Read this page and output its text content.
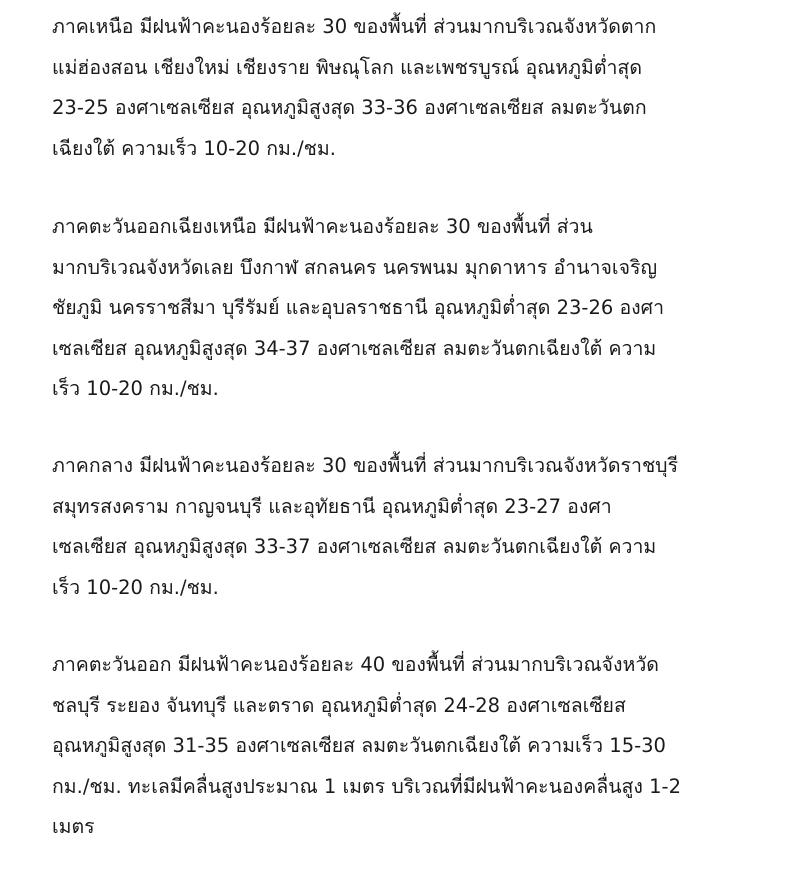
ภาคเหนือ มีฝนฟ้าคะนองร้อยละ 30 ของพื้นที่ ส่วนมากบริเวณจังหวัดตาก
แม่ฮ่องสอน เชียงใหม่ เชียงราย พิษณุโลก และเพชรบูรณ์ อุณหภูมิต่ำสุด
23-25 องศาเซลเซียส อุณหภูมิสูงสุด 33-36 องศาเซลเซียส ลมตะวันตก
เฉียงใต้ ความเร็ว 10-20 กม./ชม.

ภาคตะวันออกเฉียงเหนือ มีฝนฟ้าคะนองร้อยละ 30 ของพื้นที่ ส่วน
มากบริเวณจังหวัดเลย บึงกาฬ สกลนคร นครพนม มุกดาหาร อำนาจเจริญ
ชัยภูมิ นครราชสีมา บุรีรัมย์ และอุบลราชธานี อุณหภูมิต่ำสุด 23-26 องศา
เซลเซียส อุณหภูมิสูงสุด 34-37 องศาเซลเซียส ลมตะวันตกเฉียงใต้ ความ
เร็ว 10-20 กม./ชม.

ภาคกลาง มีฝนฟ้าคะนองร้อยละ 30 ของพื้นที่ ส่วนมากบริเวณจังหวัดราชบุรี
สมุทรสงคราม กาญจนบุรี และอุทัยธานี อุณหภูมิต่ำสุด 23-27 องศา
เซลเซียส อุณหภูมิสูงสุด 33-37 องศาเซลเซียส ลมตะวันตกเฉียงใต้ ความ
เร็ว 10-20 กม./ชม.

ภาคตะวันออก มีฝนฟ้าคะนองร้อยละ 40 ของพื้นที่ ส่วนมากบริเวณจังหวัด
ชลบุรี ระยอง จันทบุรี และตราด อุณหภูมิต่ำสุด 24-28 องศาเซลเซียส
อุณหภูมิสูงสุด 31-35 องศาเซลเซียส ลมตะวันตกเฉียงใต้ ความเร็ว 15-30
กม./ชม. ทะเลมีคลื่นสูงประมาณ 1 เมตร บริเวณที่มีฝนฟ้าคะนองคลื่นสูง 1-2
เมตร
